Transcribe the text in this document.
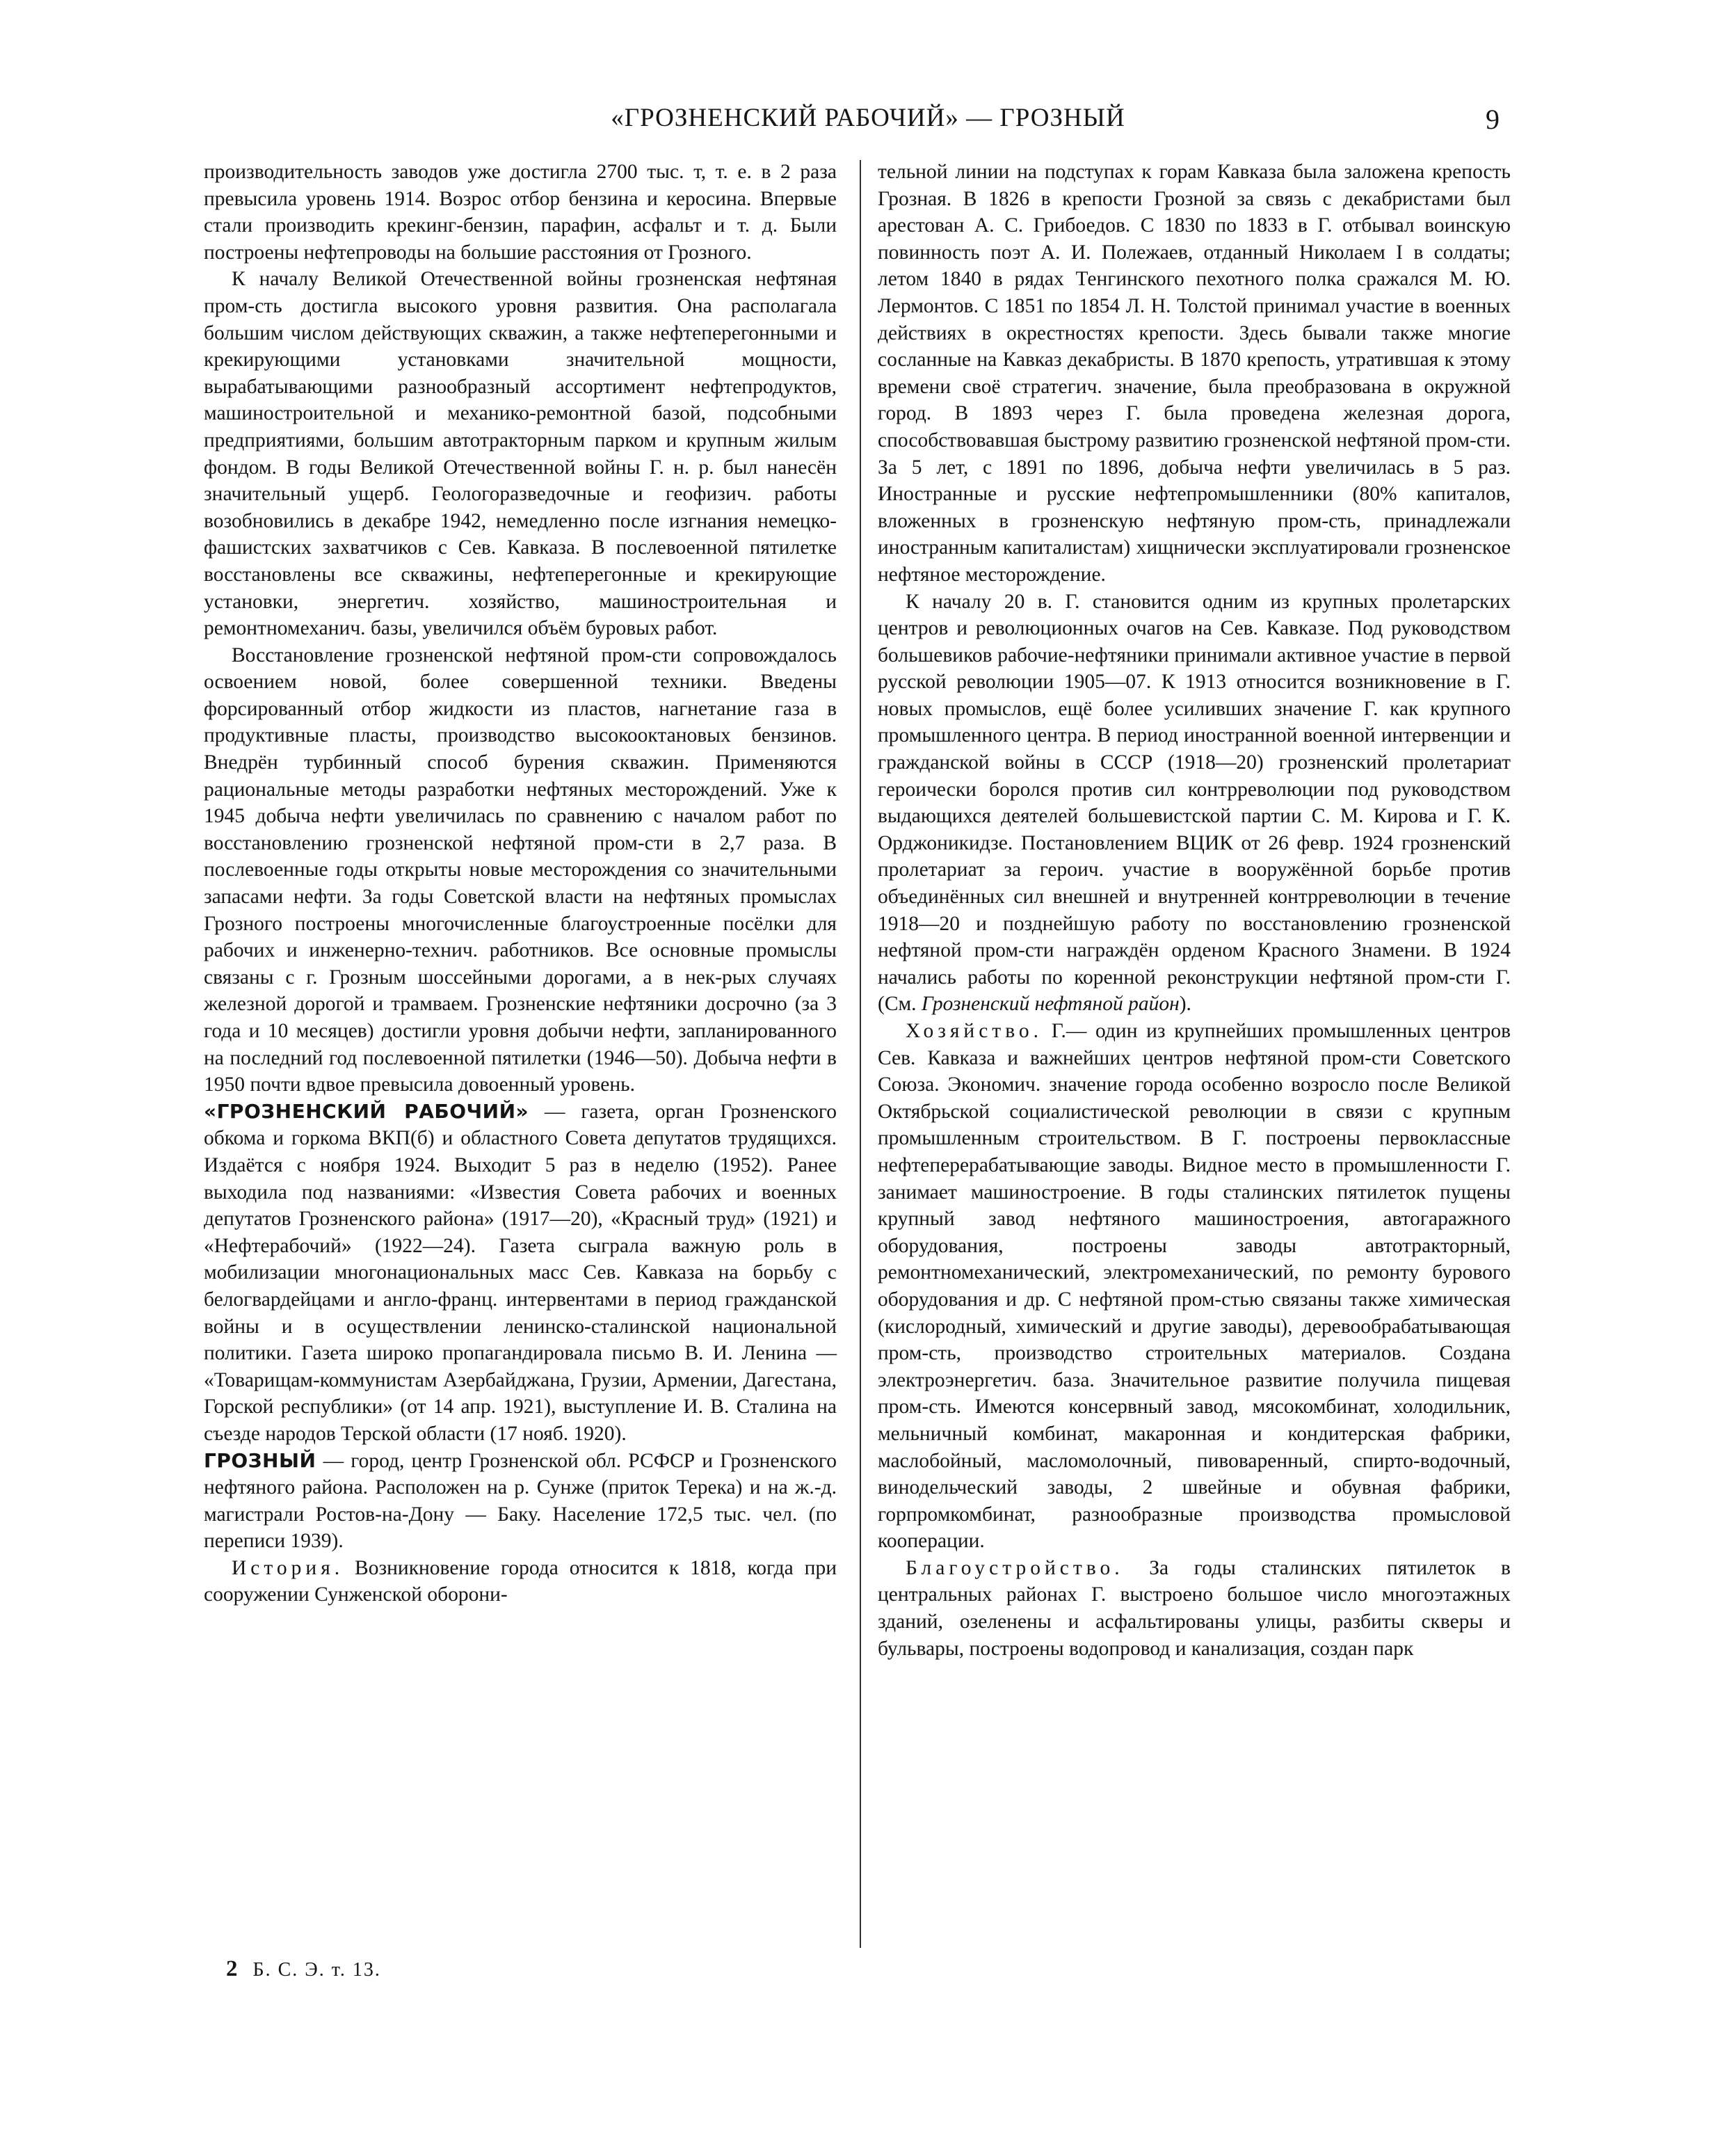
«ГРОЗНЕНСКИЙ РАБОЧИЙ» — ГРОЗНЫЙ	9

производительность заводов уже достигла 2700 тыс. т, т. е. в 2 раза превысила уровень 1914. Возрос отбор бензина и керосина. Впервые стали производить крекинг-бензин, парафин, асфальт и т. д. Были построены нефтепроводы на большие расстояния от Грозного.

К началу Великой Отечественной войны грозненская нефтяная пром-сть достигла высокого уровня развития. Она располагала большим числом действующих скважин, а также нефтеперегонными и крекирующими установками значительной мощности, вырабатывающими разнообразный ассортимент нефтепродуктов, машиностроительной и механико-ремонтной базой, подсобными предприятиями, большим автотракторным парком и крупным жилым фондом. В годы Великой Отечественной войны Г. н. р. был нанесён значительный ущерб. Геологоразведочные и геофизич. работы возобновились в декабре 1942, немедленно после изгнания немецко-фашистских захватчиков с Сев. Кавказа. В послевоенной пятилетке восстановлены все скважины, нефтеперегонные и крекирующие установки, энергетич. хозяйство, машиностроительная и ремонтномеханич. базы, увеличился объём буровых работ.

Восстановление грозненской нефтяной пром-сти сопровождалось освоением новой, более совершенной техники. Введены форсированный отбор жидкости из пластов, нагнетание газа в продуктивные пласты, производство высокооктановых бензинов. Внедрён турбинный способ бурения скважин. Применяются рациональные методы разработки нефтяных месторождений. Уже к 1945 добыча нефти увеличилась по сравнению с началом работ по восстановлению грозненской нефтяной пром-сти в 2,7 раза. В послевоенные годы открыты новые месторождения со значительными запасами нефти. За годы Советской власти на нефтяных промыслах Грозного построены многочисленные благоустроенные посёлки для рабочих и инженерно-технич. работников. Все основные промыслы связаны с г. Грозным шоссейными дорогами, а в нек-рых случаях железной дорогой и трамваем. Грозненские нефтяники досрочно (за 3 года и 10 месяцев) достигли уровня добычи нефти, запланированного на последний год послевоенной пятилетки (1946—50). Добыча нефти в 1950 почти вдвое превысила довоенный уровень.

«ГРОЗНЕНСКИЙ РАБОЧИЙ» — газета, орган Грозненского обкома и горкома ВКП(б) и областного Совета депутатов трудящихся. Издаётся с ноября 1924. Выходит 5 раз в неделю (1952). Ранее выходила под названиями: «Известия Совета рабочих и военных депутатов Грозненского района» (1917—20), «Красный труд» (1921) и «Нефтерабочий» (1922—24). Газета сыграла важную роль в мобилизации многонациональных масс Сев. Кавказа на борьбу с белогвардейцами и англо-франц. интервентами в период гражданской войны и в осуществлении ленинско-сталинской национальной политики. Газета широко пропагандировала письмо В. И. Ленина — «Товарищам-коммунистам Азербайджана, Грузии, Армении, Дагестана, Горской республики» (от 14 апр. 1921), выступление И. В. Сталина на съезде народов Терской области (17 нояб. 1920).

ГРОЗНЫЙ — город, центр Грозненской обл. РСФСР и Грозненского нефтяного района. Расположен на р. Сунже (приток Терека) и на ж.-д. магистрали Ростов-на-Дону — Баку. Население 172,5 тыс. чел. (по переписи 1939).

История. Возникновение города относится к 1818, когда при сооружении Сунженской оборони-

тельной линии на подступах к горам Кавказа была заложена крепость Грозная. В 1826 в крепости Грозной за связь с декабристами был арестован А. С. Грибоедов. С 1830 по 1833 в Г. отбывал воинскую повинность поэт А. И. Полежаев, отданный Николаем I в солдаты; летом 1840 в рядах Тенгинского пехотного полка сражался М. Ю. Лермонтов. С 1851 по 1854 Л. Н. Толстой принимал участие в военных действиях в окрестностях крепости. Здесь бывали также многие сосланные на Кавказ декабристы. В 1870 крепость, утратившая к этому времени своё стратегич. значение, была преобразована в окружной город. В 1893 через Г. была проведена железная дорога, способствовавшая быстрому развитию грозненской нефтяной пром-сти. За 5 лет, с 1891 по 1896, добыча нефти увеличилась в 5 раз. Иностранные и русские нефтепромышленники (80% капиталов, вложенных в грозненскую нефтяную пром-сть, принадлежали иностранным капиталистам) хищнически эксплуатировали грозненское нефтяное месторождение.

К началу 20 в. Г. становится одним из крупных пролетарских центров и революционных очагов на Сев. Кавказе. Под руководством большевиков рабочие-нефтяники принимали активное участие в первой русской революции 1905—07. К 1913 относится возникновение в Г. новых промыслов, ещё более усиливших значение Г. как крупного промышленного центра. В период иностранной военной интервенции и гражданской войны в СССР (1918—20) грозненский пролетариат героически боролся против сил контрреволюции под руководством выдающихся деятелей большевистской партии С. М. Кирова и Г. К. Орджоникидзе. Постановлением ВЦИК от 26 февр. 1924 грозненский пролетариат за героич. участие в вооружённой борьбе против объединённых сил внешней и внутренней контрреволюции в течение 1918—20 и позднейшую работу по восстановлению грозненской нефтяной пром-сти награждён орденом Красного Знамени. В 1924 начались работы по коренной реконструкции нефтяной пром-сти Г. (См. Грозненский нефтяной район).

Хозяйство. Г.— один из крупнейших промышленных центров Сев. Кавказа и важнейших центров нефтяной пром-сти Советского Союза. Экономич. значение города особенно возросло после Великой Октябрьской социалистической революции в связи с крупным промышленным строительством. В Г. построены первоклассные нефтеперерабатывающие заводы. Видное место в промышленности Г. занимает машиностроение. В годы сталинских пятилеток пущены крупный завод нефтяного машиностроения, автогаражного оборудования, построены заводы автотракторный, ремонтномеханический, электромеханический, по ремонту бурового оборудования и др. С нефтяной пром-стью связаны также химическая (кислородный, химический и другие заводы), деревообрабатывающая пром-сть, производство строительных материалов. Создана электроэнергетич. база. Значительное развитие получила пищевая пром-сть. Имеются консервный завод, мясокомбинат, холодильник, мельничный комбинат, макаронная и кондитерская фабрики, маслобойный, масломолочный, пивоваренный, спирто-водочный, винодельческий заводы, 2 швейные и обувная фабрики, горпромкомбинат, разнообразные производства промысловой кооперации.

Благоустройство. За годы сталинских пятилеток в центральных районах Г. выстроено большое число многоэтажных зданий, озеленены и асфальтированы улицы, разбиты скверы и бульвары, построены водопровод и канализация, создан парк

2 Б. С. Э. т. 13.
